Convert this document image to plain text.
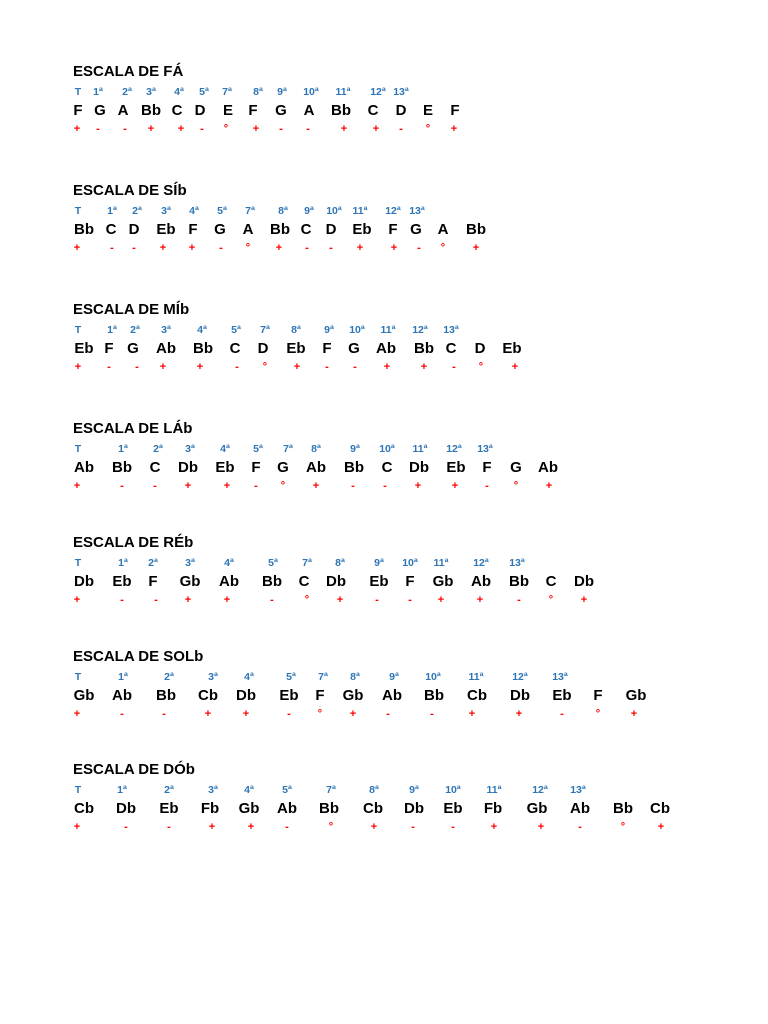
ESCALA DE FÁ
T 1ª 2ª 3ª 4ª 5ª 7ª 8ª 9ª 10ª 11ª 12ª 13ª
F G A Bb C D E F G A Bb C D E F
+ - - + + - ° + - -	+ + - ° +
ESCALA DE SÍb
T 1ª 2ª 3ª 4ª 5ª 7ª 8ª 9ª 10ª 11ª 12ª 13ª
Bb C D Eb F G A Bb C D Eb F G A Bb
+	- - + + - ° + - - +	+ - °	+
ESCALA DE MÍb
T 1ª 2ª 3ª	4ª 5ª 7ª 8ª 9ª 10ª 11ª 12ª 13ª
Eb F G Ab Bb C D Eb F G Ab Bb C D Eb
+ - - +	+	- ° + - - +	+ - °	+
ESCALA DE LÁb
T	1ª 2ª 3ª 4ª 5ª 7ª 8ª	9ª 10ª 11ª 12ª 13ª
Ab Bb C Db Eb F G Ab Bb C Db Eb F G Ab
+	-	-	+	+ - °	+	-	-	+	+ - °	+
ESCALA DE RÉb
T	1ª 2ª	3ª	4ª	5ª 7ª 8ª	9ª 10ª 11ª 12ª 13ª
Db Eb F Gb Ab Bb C Db Eb F Gb Ab Bb C Db
+	-	- +	+	-	°	+	-	- +	+	-	°	+
ESCALA DE SOLb
T	1ª	2ª	3ª	4ª	5ª 7ª 8ª	9ª	10ª	11ª	12ª 13ª
Gb Ab Bb Cb Db Eb F Gb Ab Bb Cb Db Eb F Gb
+	-	-	+	+	- °	+	-	-	+	+	-	°	+
ESCALA DE DÓb
T	1ª	2ª	3ª	4ª	5ª	7ª	8ª	9ª	10ª 11ª	12ª 13ª
Cb Db Eb Fb Gb Ab Bb Cb Db Eb Fb Gb Ab Bb Cb
+	-	-	+	+	-	°	+	-	-	+	+	-	°	+
